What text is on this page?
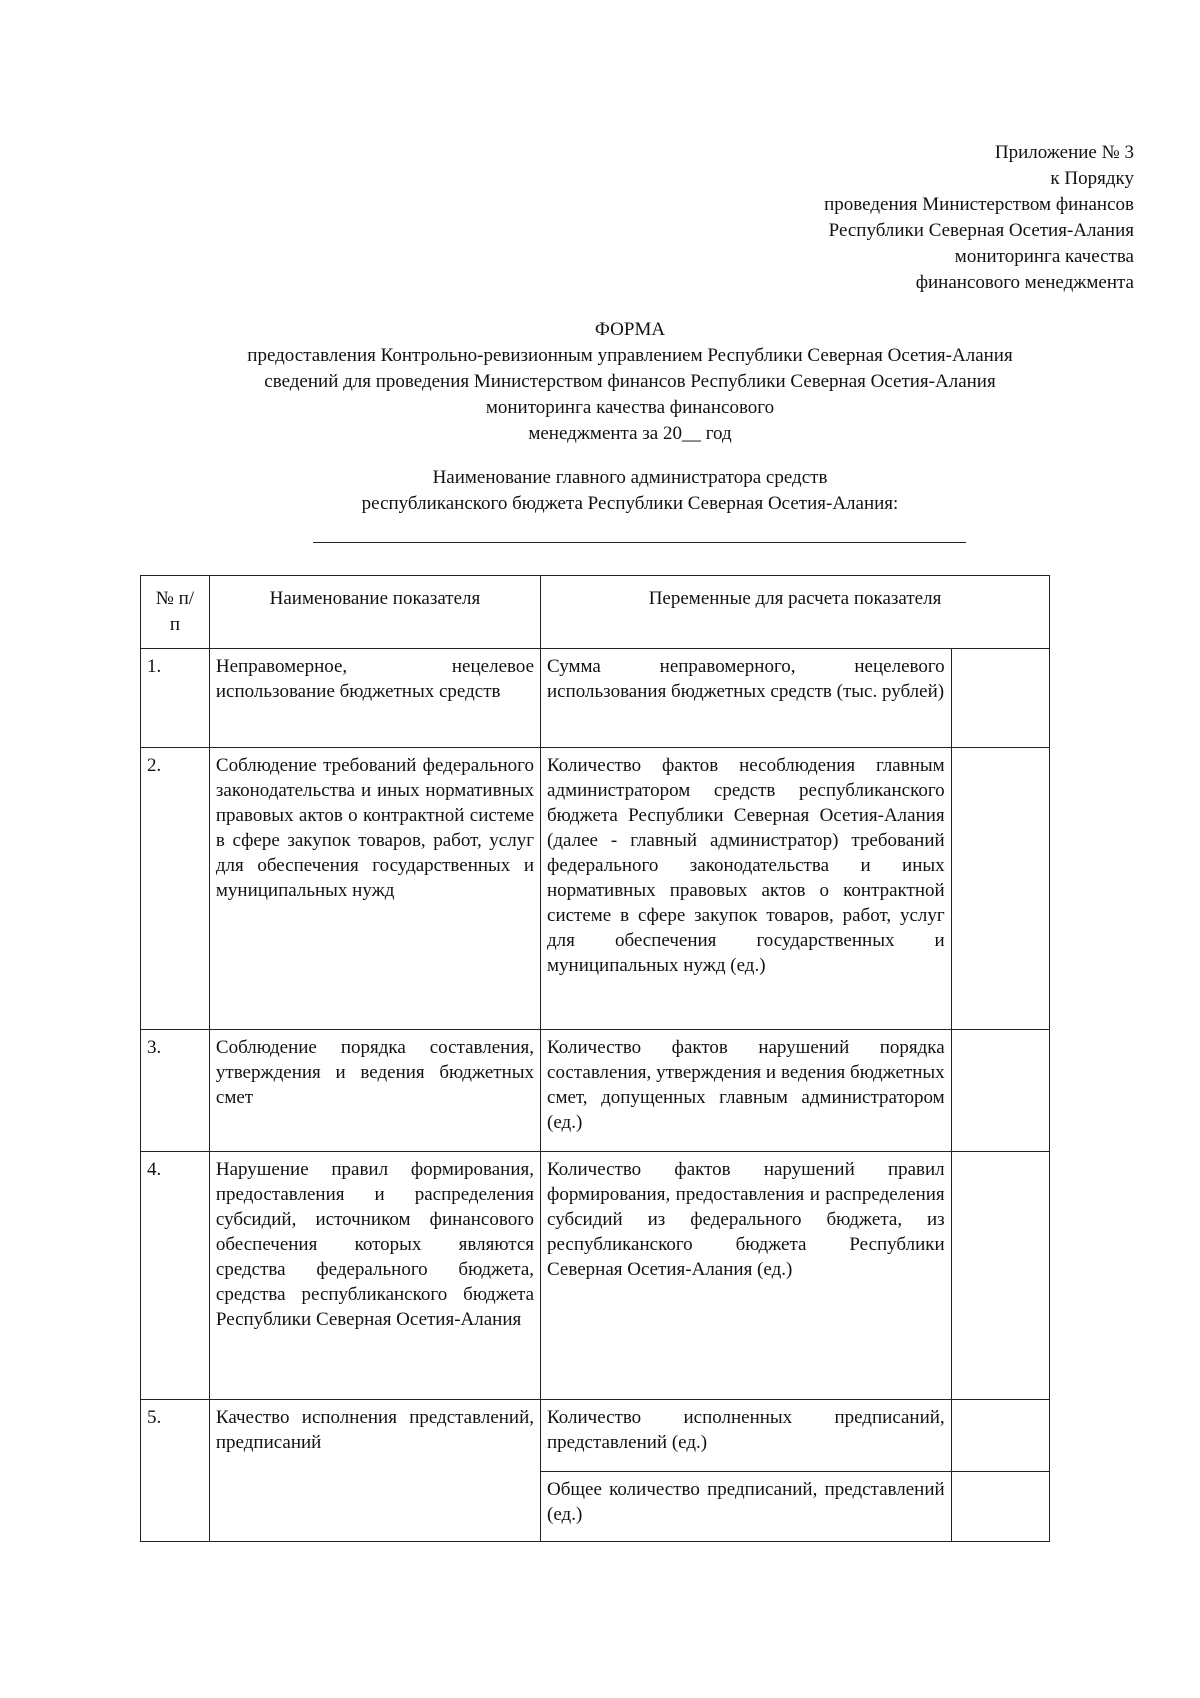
Приложение № 3
к Порядку
проведения Министерством финансов
Республики Северная Осетия-Алания
мониторинга качества
финансового менеджмента
ФОРМА
предоставления Контрольно-ревизионным управлением Республики Северная Осетия-Алания
сведений для проведения Министерством финансов Республики Северная Осетия-Алания
мониторинга качества финансового
менеджмента за 20__ год
Наименование главного администратора средств
республиканского бюджета Республики Северная Осетия-Алания:
№ п/п	Наименование показателя	Переменные для расчета показателя	
1.	Неправомерное, нецелевое использование бюджетных средств	Сумма неправомерного, нецелевого использования бюджетных средств (тыс. рублей)	
2.	Соблюдение требований федерального законодательства и иных нормативных правовых актов о контрактной системе в сфере закупок товаров, работ, услуг для обеспечения государственных и муниципальных нужд	Количество фактов несоблюдения главным администратором средств республиканского бюджета Республики Северная Осетия-Алания (далее - главный администратор) требований федерального законодательства и иных нормативных правовых актов о контрактной системе в сфере закупок товаров, работ, услуг для обеспечения государственных и муниципальных нужд (ед.)	
3.	Соблюдение порядка составления, утверждения и ведения бюджетных смет	Количество фактов нарушений порядка составления, утверждения и ведения бюджетных смет, допущенных главным администратором (ед.)	
4.	Нарушение правил формирования, предоставления и распределения субсидий, источником финансового обеспечения которых являются средства федерального бюджета, средства республиканского бюджета Республики Северная Осетия-Алания	Количество фактов нарушений правил формирования, предоставления и распределения субсидий из федерального бюджета, из республиканского бюджета Республики Северная Осетия-Алания (ед.)	
5.	Качество исполнения представлений, предписаний	Количество исполненных предписаний, представлений (ед.)	
		Общее количество предписаний, представлений (ед.)	
